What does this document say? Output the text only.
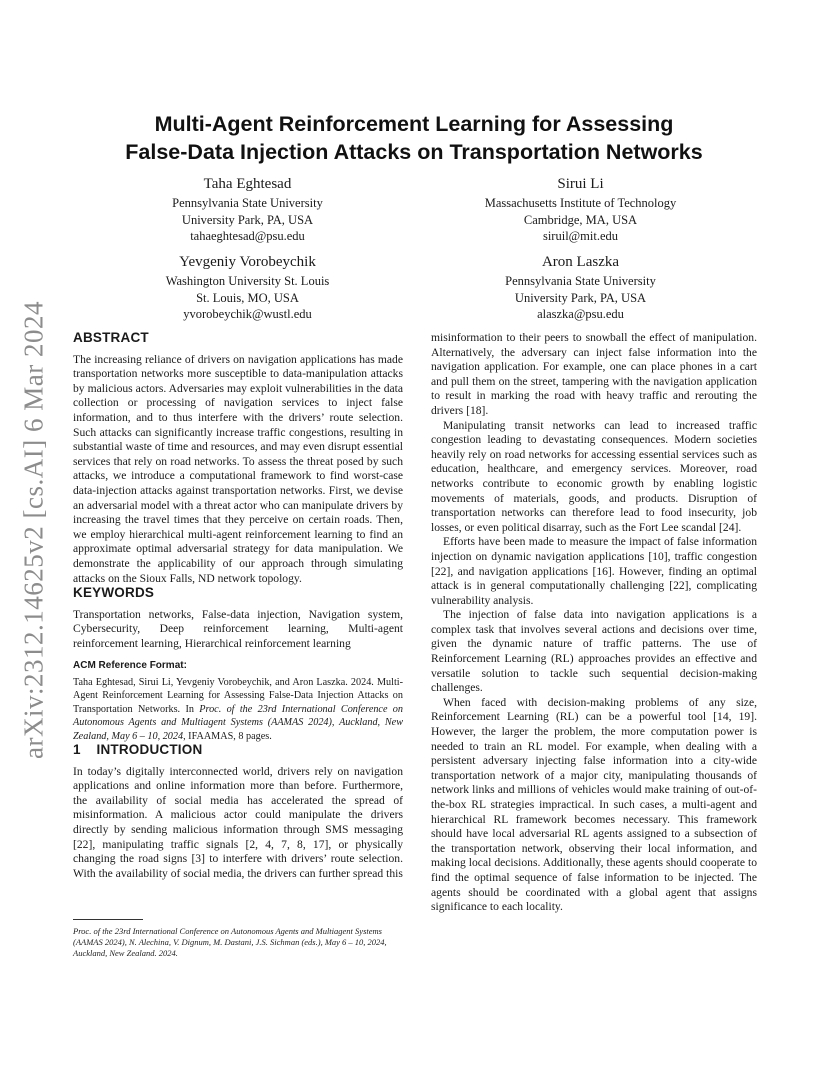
arXiv:2312.14625v2 [cs.AI] 6 Mar 2024
Multi-Agent Reinforcement Learning for Assessing
False-Data Injection Attacks on Transportation Networks
Taha Eghtesad
Pennsylvania State University
University Park, PA, USA
tahaeghtesad@psu.edu
Sirui Li
Massachusetts Institute of Technology
Cambridge, MA, USA
siruil@mit.edu
Yevgeniy Vorobeychik
Washington University St. Louis
St. Louis, MO, USA
yvorobeychik@wustl.edu
Aron Laszka
Pennsylvania State University
University Park, PA, USA
alaszka@psu.edu
ABSTRACT

The increasing reliance of drivers on navigation applications has made transportation networks more susceptible to data-manipulation attacks by malicious actors. Adversaries may exploit vulnerabilities in the data collection or processing of navigation services to inject false information, and to thus interfere with the drivers’ route selection. Such attacks can significantly increase traffic congestions, resulting in substantial waste of time and resources, and may even disrupt essential services that rely on road networks. To assess the threat posed by such attacks, we introduce a computational framework to find worst-case data-injection attacks against transportation networks. First, we devise an adversarial model with a threat actor who can manipulate drivers by increasing the travel times that they perceive on certain roads. Then, we employ hierarchical multi-agent reinforcement learning to find an approximate optimal adversarial strategy for data manipulation. We demonstrate the applicability of our approach through simulating attacks on the Sioux Falls, ND network topology.

KEYWORDS

Transportation networks, False-data injection, Navigation system, Cybersecurity, Deep reinforcement learning, Multi-agent reinforcement learning, Hierarchical reinforcement learning

ACM Reference Format:
Taha Eghtesad, Sirui Li, Yevgeniy Vorobeychik, and Aron Laszka. 2024. Multi-Agent Reinforcement Learning for Assessing False-Data Injection Attacks on Transportation Networks. In Proc. of the 23rd International Conference on Autonomous Agents and Multiagent Systems (AAMAS 2024), Auckland, New Zealand, May 6 – 10, 2024, IFAAMAS, 8 pages.
1    INTRODUCTION

In today’s digitally interconnected world, drivers rely on navigation applications and online information more than before. Furthermore, the availability of social media has accelerated the spread of misinformation. A malicious actor could manipulate the drivers directly by sending malicious information through SMS messaging [22], manipulating traffic signals [2, 4, 7, 8, 17], or physically changing the road signs [3] to interfere with drivers’ route selection. With the availability of social media, the drivers can further spread this

Proc. of the 23rd International Conference on Autonomous Agents and Multiagent Systems (AAMAS 2024), N. Alechina, V. Dignum, M. Dastani, J.S. Sichman (eds.), May 6 – 10, 2024, Auckland, New Zealand. 2024.

misinformation to their peers to snowball the effect of manipulation. Alternatively, the adversary can inject false information into the navigation application. For example, one can place phones in a cart and pull them on the street, tampering with the navigation application to result in marking the road with heavy traffic and rerouting the drivers [18].

Manipulating transit networks can lead to increased traffic congestion leading to devastating consequences. Modern societies heavily rely on road networks for accessing essential services such as education, healthcare, and emergency services. Moreover, road networks contribute to economic growth by enabling logistic movements of materials, goods, and products. Disruption of transportation networks can therefore lead to food insecurity, job losses, or even political disarray, such as the Fort Lee scandal [24].

Efforts have been made to measure the impact of false information injection on dynamic navigation applications [10], traffic congestion [22], and navigation applications [16]. However, finding an optimal attack is in general computationally challenging [22], complicating vulnerability analysis.

The injection of false data into navigation applications is a complex task that involves several actions and decisions over time, given the dynamic nature of traffic patterns. The use of Reinforcement Learning (RL) approaches provides an effective and versatile solution to tackle such sequential decision-making challenges.

When faced with decision-making problems of any size, Reinforcement Learning (RL) can be a powerful tool [14, 19]. However, the larger the problem, the more computation power is needed to train an RL model. For example, when dealing with a persistent adversary injecting false information into a city-wide transportation network of a major city, manipulating thousands of network links and millions of vehicles would make training of out-of-the-box RL strategies impractical. In such cases, a multi-agent and hierarchical RL framework becomes necessary. This framework should have local adversarial RL agents assigned to a subsection of the transportation network, observing their local information, and making local decisions. Additionally, these agents should cooperate to find the optimal sequence of false information to be injected. The agents should be coordinated with a global agent that assigns significance to each locality.
